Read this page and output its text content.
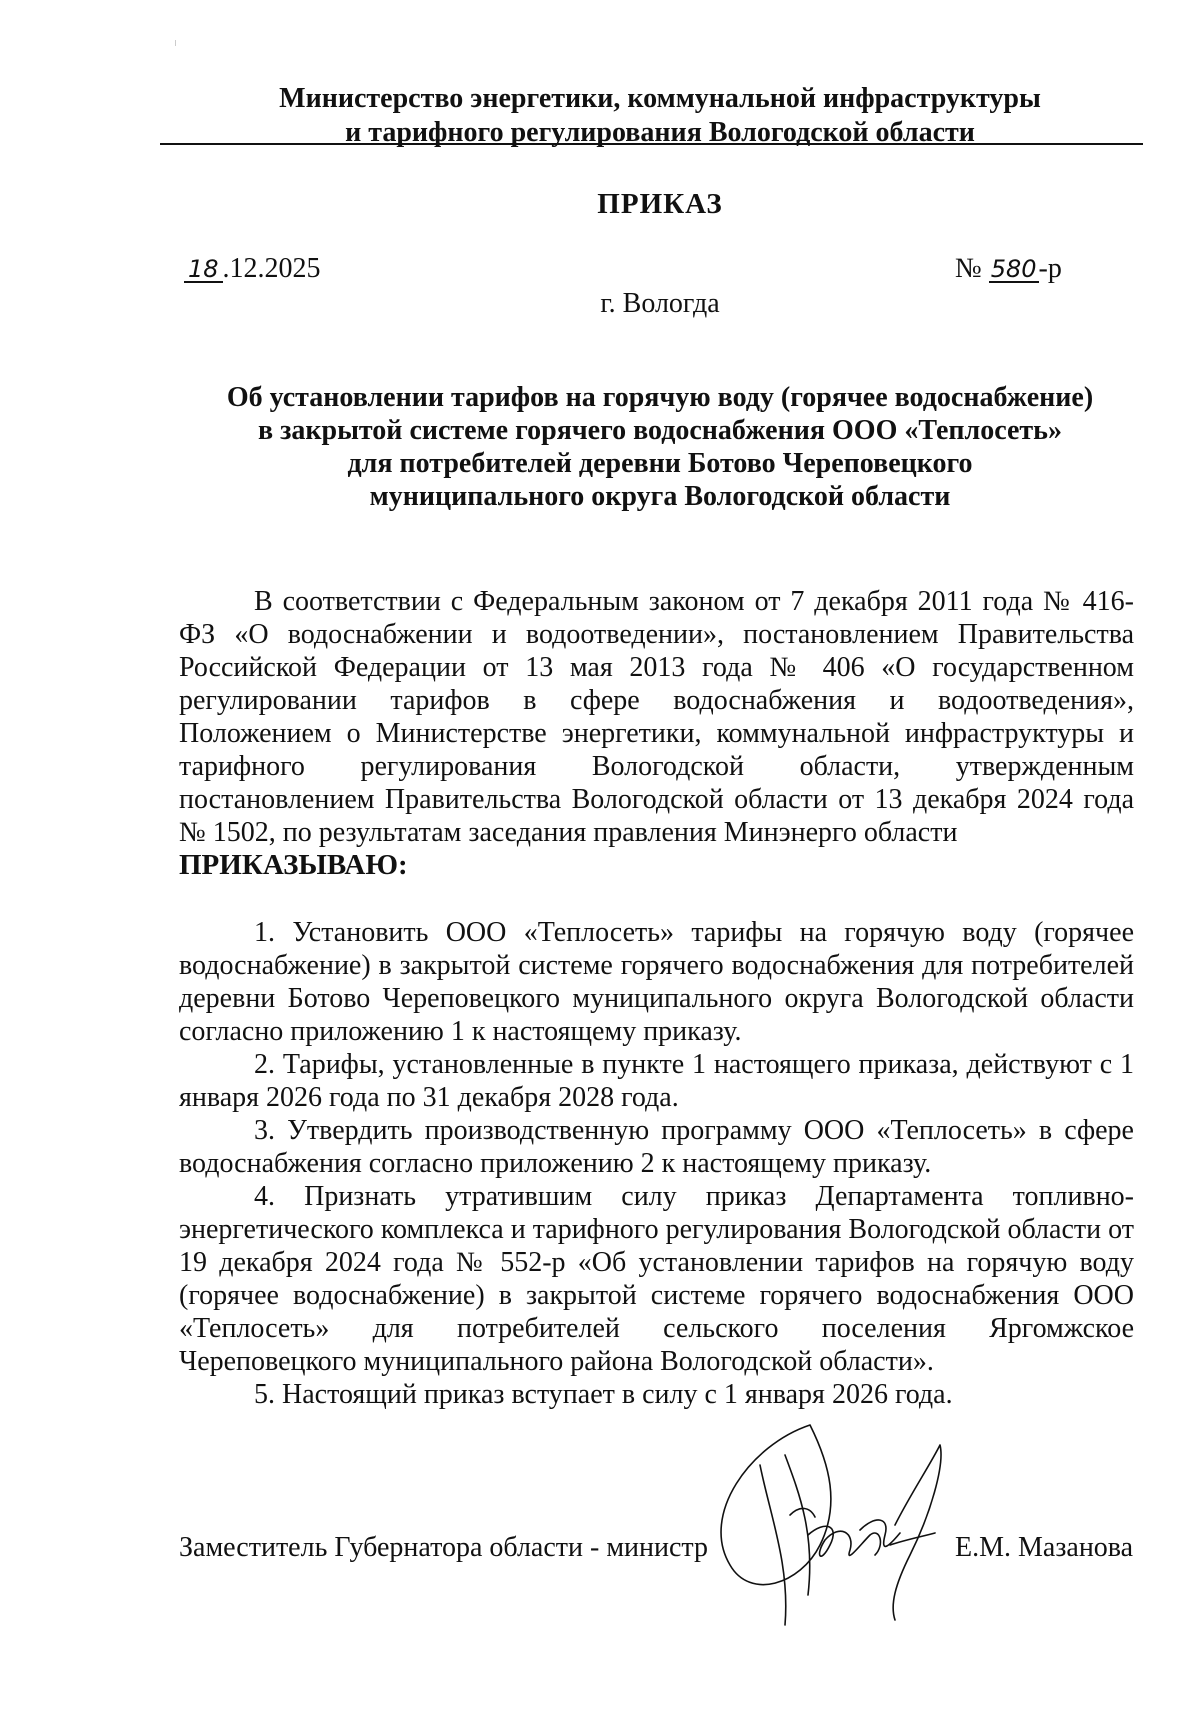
Министерство энергетики, коммунальной инфраструктуры
и тарифного регулирования Вологодской области
ПРИКАЗ
18 .12.2025	№ 580-р
г. Вологда
Об установлении тарифов на горячую воду (горячее водоснабжение)
в закрытой системе горячего водоснабжения ООО «Теплосеть»
для потребителей деревни Ботово Череповецкого
муниципального округа Вологодской области

В соответствии с Федеральным законом от 7 декабря 2011 года № 416-ФЗ «О водоснабжении и водоотведении», постановлением Правительства Российской Федерации от 13 мая 2013 года № 406 «О государственном регулировании тарифов в сфере водоснабжения и водоотведения», Положением о Министерстве энергетики, коммунальной инфраструктуры и тарифного регулирования Вологодской области, утвержденным постановлением Правительства Вологодской области от 13 декабря 2024 года № 1502, по результатам заседания правления Минэнерго области

ПРИКАЗЫВАЮ:

1. Установить ООО «Теплосеть» тарифы на горячую воду (горячее водоснабжение) в закрытой системе горячего водоснабжения для потребителей деревни Ботово Череповецкого муниципального округа Вологодской области согласно приложению 1 к настоящему приказу.

2. Тарифы, установленные в пункте 1 настоящего приказа, действуют с 1 января 2026 года по 31 декабря 2028 года.

3. Утвердить производственную программу ООО «Теплосеть» в сфере водоснабжения согласно приложению 2 к настоящему приказу.

4. Признать утратившим силу приказ Департамента топливно-энергетического комплекса и тарифного регулирования Вологодской области от 19 декабря 2024 года № 552-р «Об установлении тарифов на горячую воду (горячее водоснабжение) в закрытой системе горячего водоснабжения ООО «Теплосеть» для потребителей сельского поселения Яргомжское Череповецкого муниципального района Вологодской области».

5. Настоящий приказ вступает в силу с 1 января 2026 года.

Заместитель Губернатора области - министр	Е.М. Мазанова
